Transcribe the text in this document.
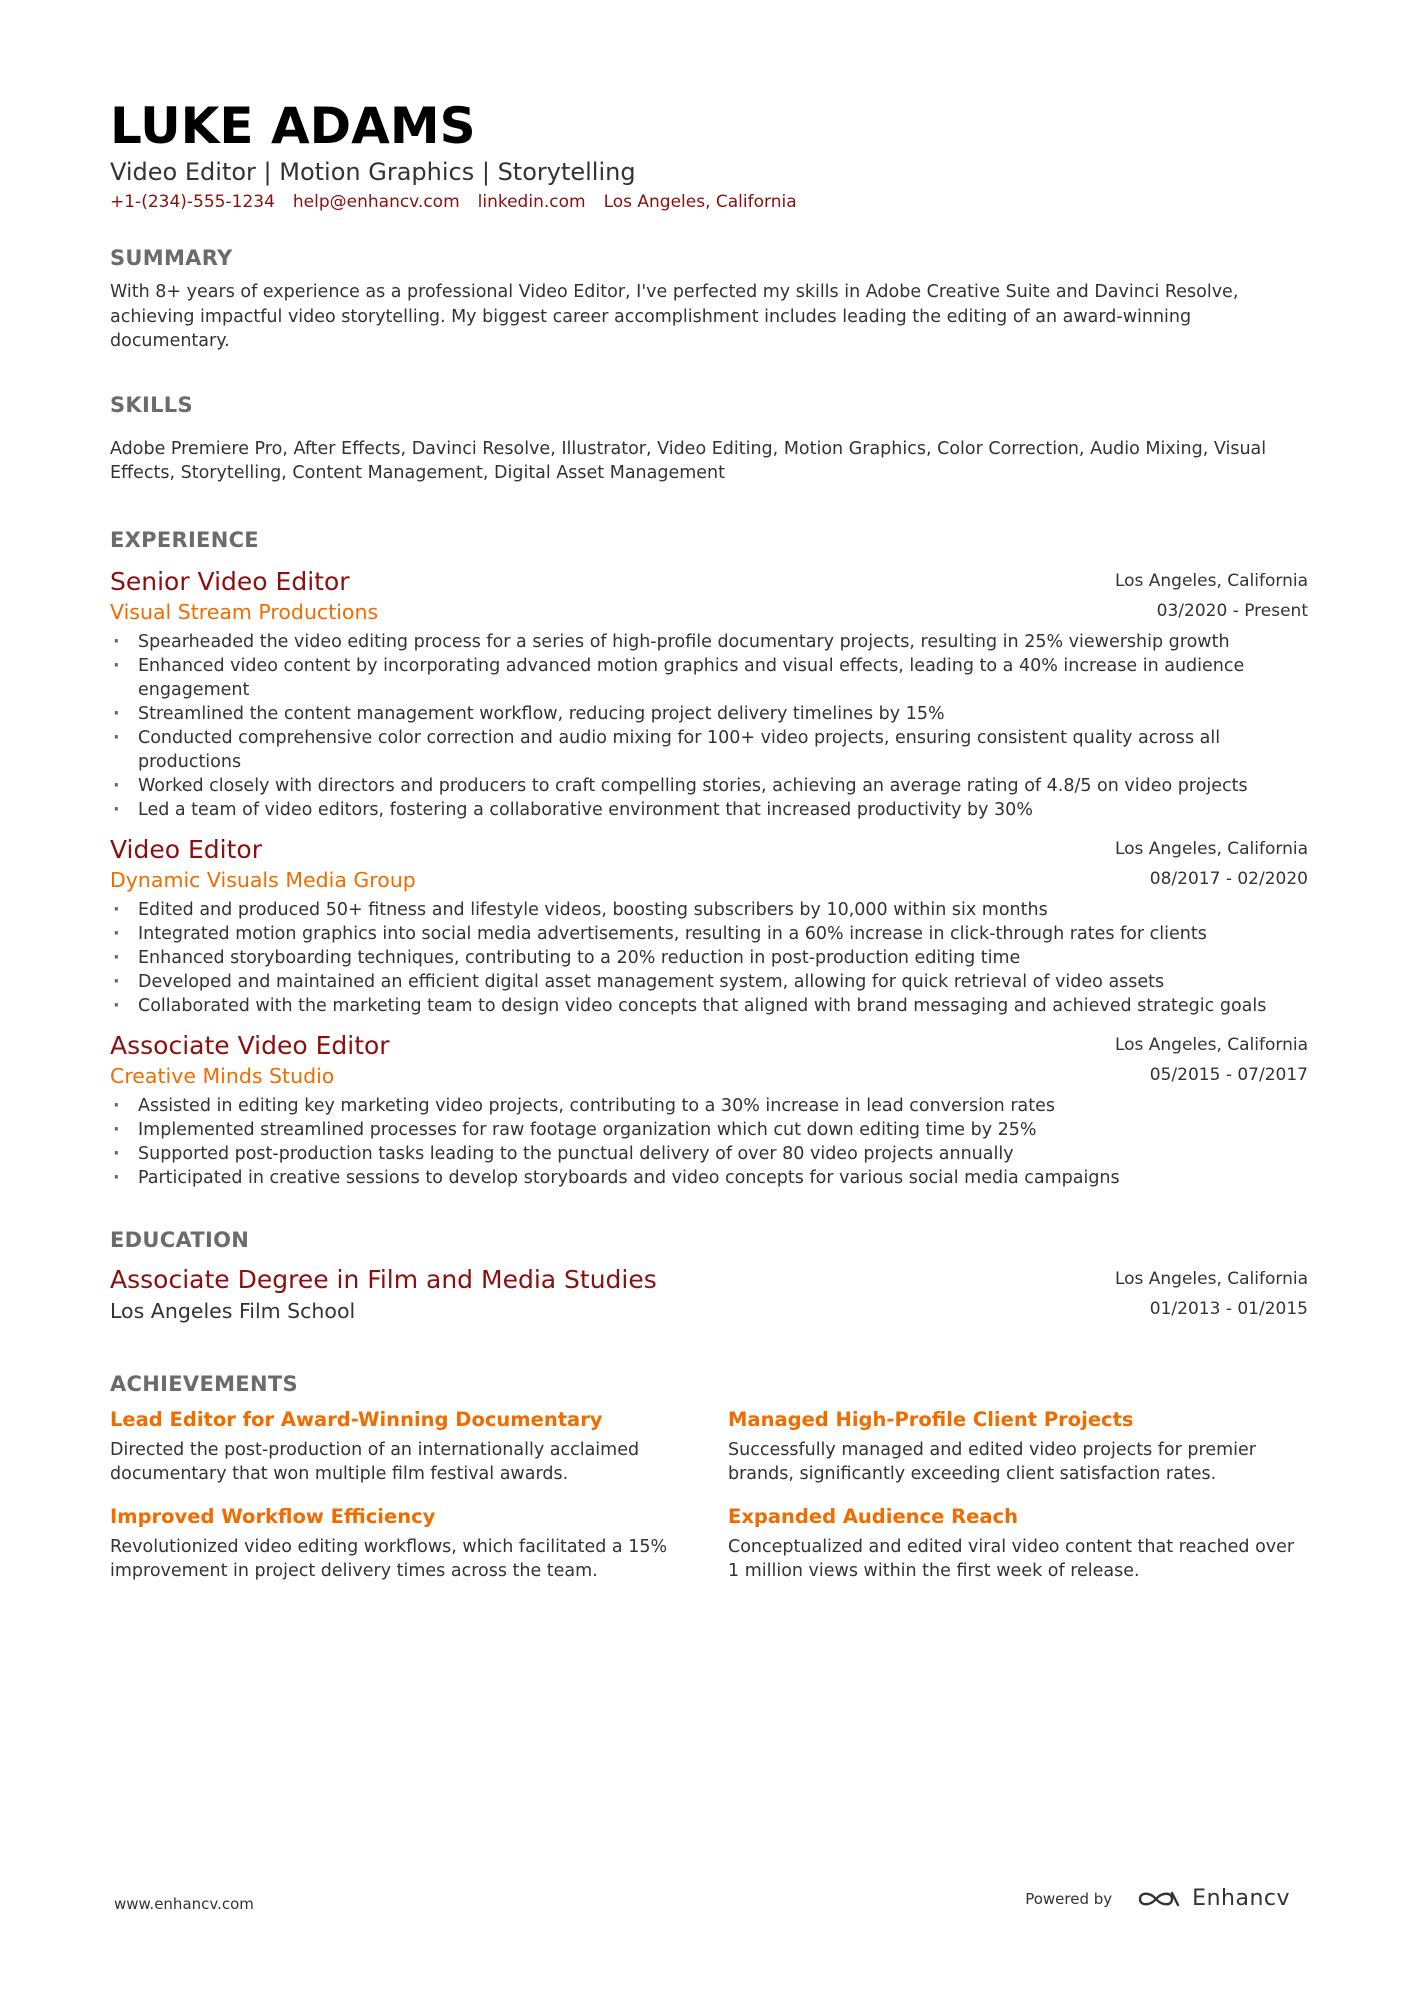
LUKE ADAMS
Video Editor | Motion Graphics | Storytelling
+1-(234)-555-1234 help@enhancv.com linkedin.com Los Angeles, California
SUMMARY
With 8+ years of experience as a professional Video Editor, I've perfected my skills in Adobe Creative Suite and Davinci Resolve, achieving impactful video storytelling. My biggest career accomplishment includes leading the editing of an award-winning documentary.
SKILLS
Adobe Premiere Pro , After Effects , Davinci Resolve , Illustrator , Video Editing , Motion Graphics , Color Correction , Audio Mixing , Visual Effects , Storytelling , Content Management , Digital Asset Management
EXPERIENCE
Senior Video Editor
Visual Stream Productions
Los Angeles, California
03/2020 - Present
· Spearheaded the video editing process for a series of high-profile documentary projects, resulting in 25% viewership growth
· Enhanced video content by incorporating advanced motion graphics and visual effects, leading to a 40% increase in audience engagement
· Streamlined the content management workflow, reducing project delivery timelines by 15%
· Conducted comprehensive color correction and audio mixing for 100+ video projects, ensuring consistent quality across all productions
· Worked closely with directors and producers to craft compelling stories, achieving an average rating of 4.8/5 on video projects
· Led a team of video editors, fostering a collaborative environment that increased productivity by 30%
Video Editor
Dynamic Visuals Media Group
Los Angeles, California
08/2017 - 02/2020
· Edited and produced 50+ fitness and lifestyle videos, boosting subscribers by 10,000 within six months
· Integrated motion graphics into social media advertisements, resulting in a 60% increase in click-through rates for clients
· Enhanced storyboarding techniques, contributing to a 20% reduction in post-production editing time
· Developed and maintained an efficient digital asset management system, allowing for quick retrieval of video assets
· Collaborated with the marketing team to design video concepts that aligned with brand messaging and achieved strategic goals
Associate Video Editor
Creative Minds Studio
Los Angeles, California
05/2015 - 07/2017
· Assisted in editing key marketing video projects, contributing to a 30% increase in lead conversion rates
· Implemented streamlined processes for raw footage organization which cut down editing time by 25%
· Supported post-production tasks leading to the punctual delivery of over 80 video projects annually
· Participated in creative sessions to develop storyboards and video concepts for various social media campaigns
EDUCATION
Associate Degree in Film and Media Studies
Los Angeles Film School
Los Angeles, California
01/2013 - 01/2015
ACHIEVEMENTS
Lead Editor for Award-Winning Documentary
Directed the post-production of an internationally acclaimed documentary that won multiple film festival awards.
Managed High-Profile Client Projects
Successfully managed and edited video projects for premier brands, significantly exceeding client satisfaction rates.
Improved Workflow Efficiency
Revolutionized video editing workflows, which facilitated a 15% improvement in project delivery times across the team.
Expanded Audience Reach
Conceptualized and edited viral video content that reached over 1 million views within the first week of release.
www.enhancv.com	Powered by	Enhancv
